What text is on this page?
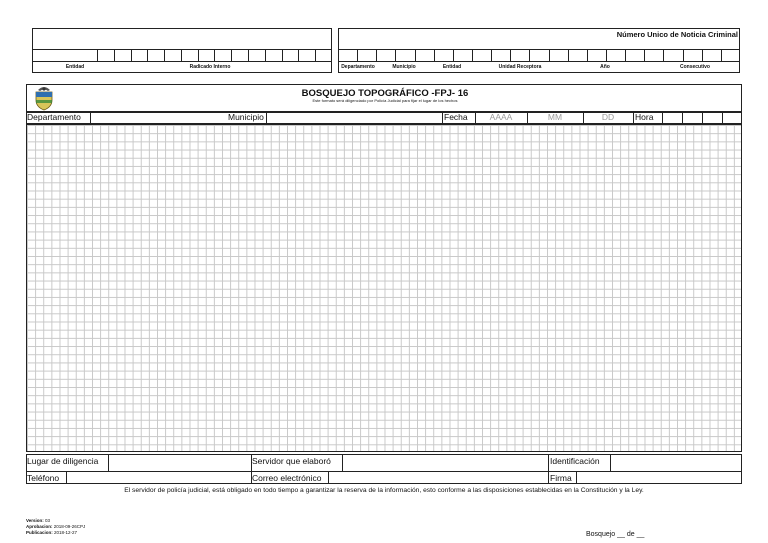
Entidad	Radicado Interno
Número Unico de Noticia Criminal
Departamento	Municipio	Entidad	Unidad Receptora	Año	Consecutivo
BOSQUEJO TOPOGRÁFICO -FPJ- 16
Este formato será diligenciado por Policía Judicial para fijar el lugar de los hechos
Departamento	Municipio	Fecha	AAAA	MM	DD	Hora
Lugar de diligencia	Servidor que elaboró	Identificación
Teléfono	Correo electrónico	Firma
El servidor de policía judicial, está obligado en todo tiempo a garantizar la reserva de la información, esto conforme a las disposiciones establecidas en la Constitución y la Ley.
Version: 03
Aprobacion: 2018-09-26CPJ
Publicacion: 2018-12-27	Bosquejo __ de __
